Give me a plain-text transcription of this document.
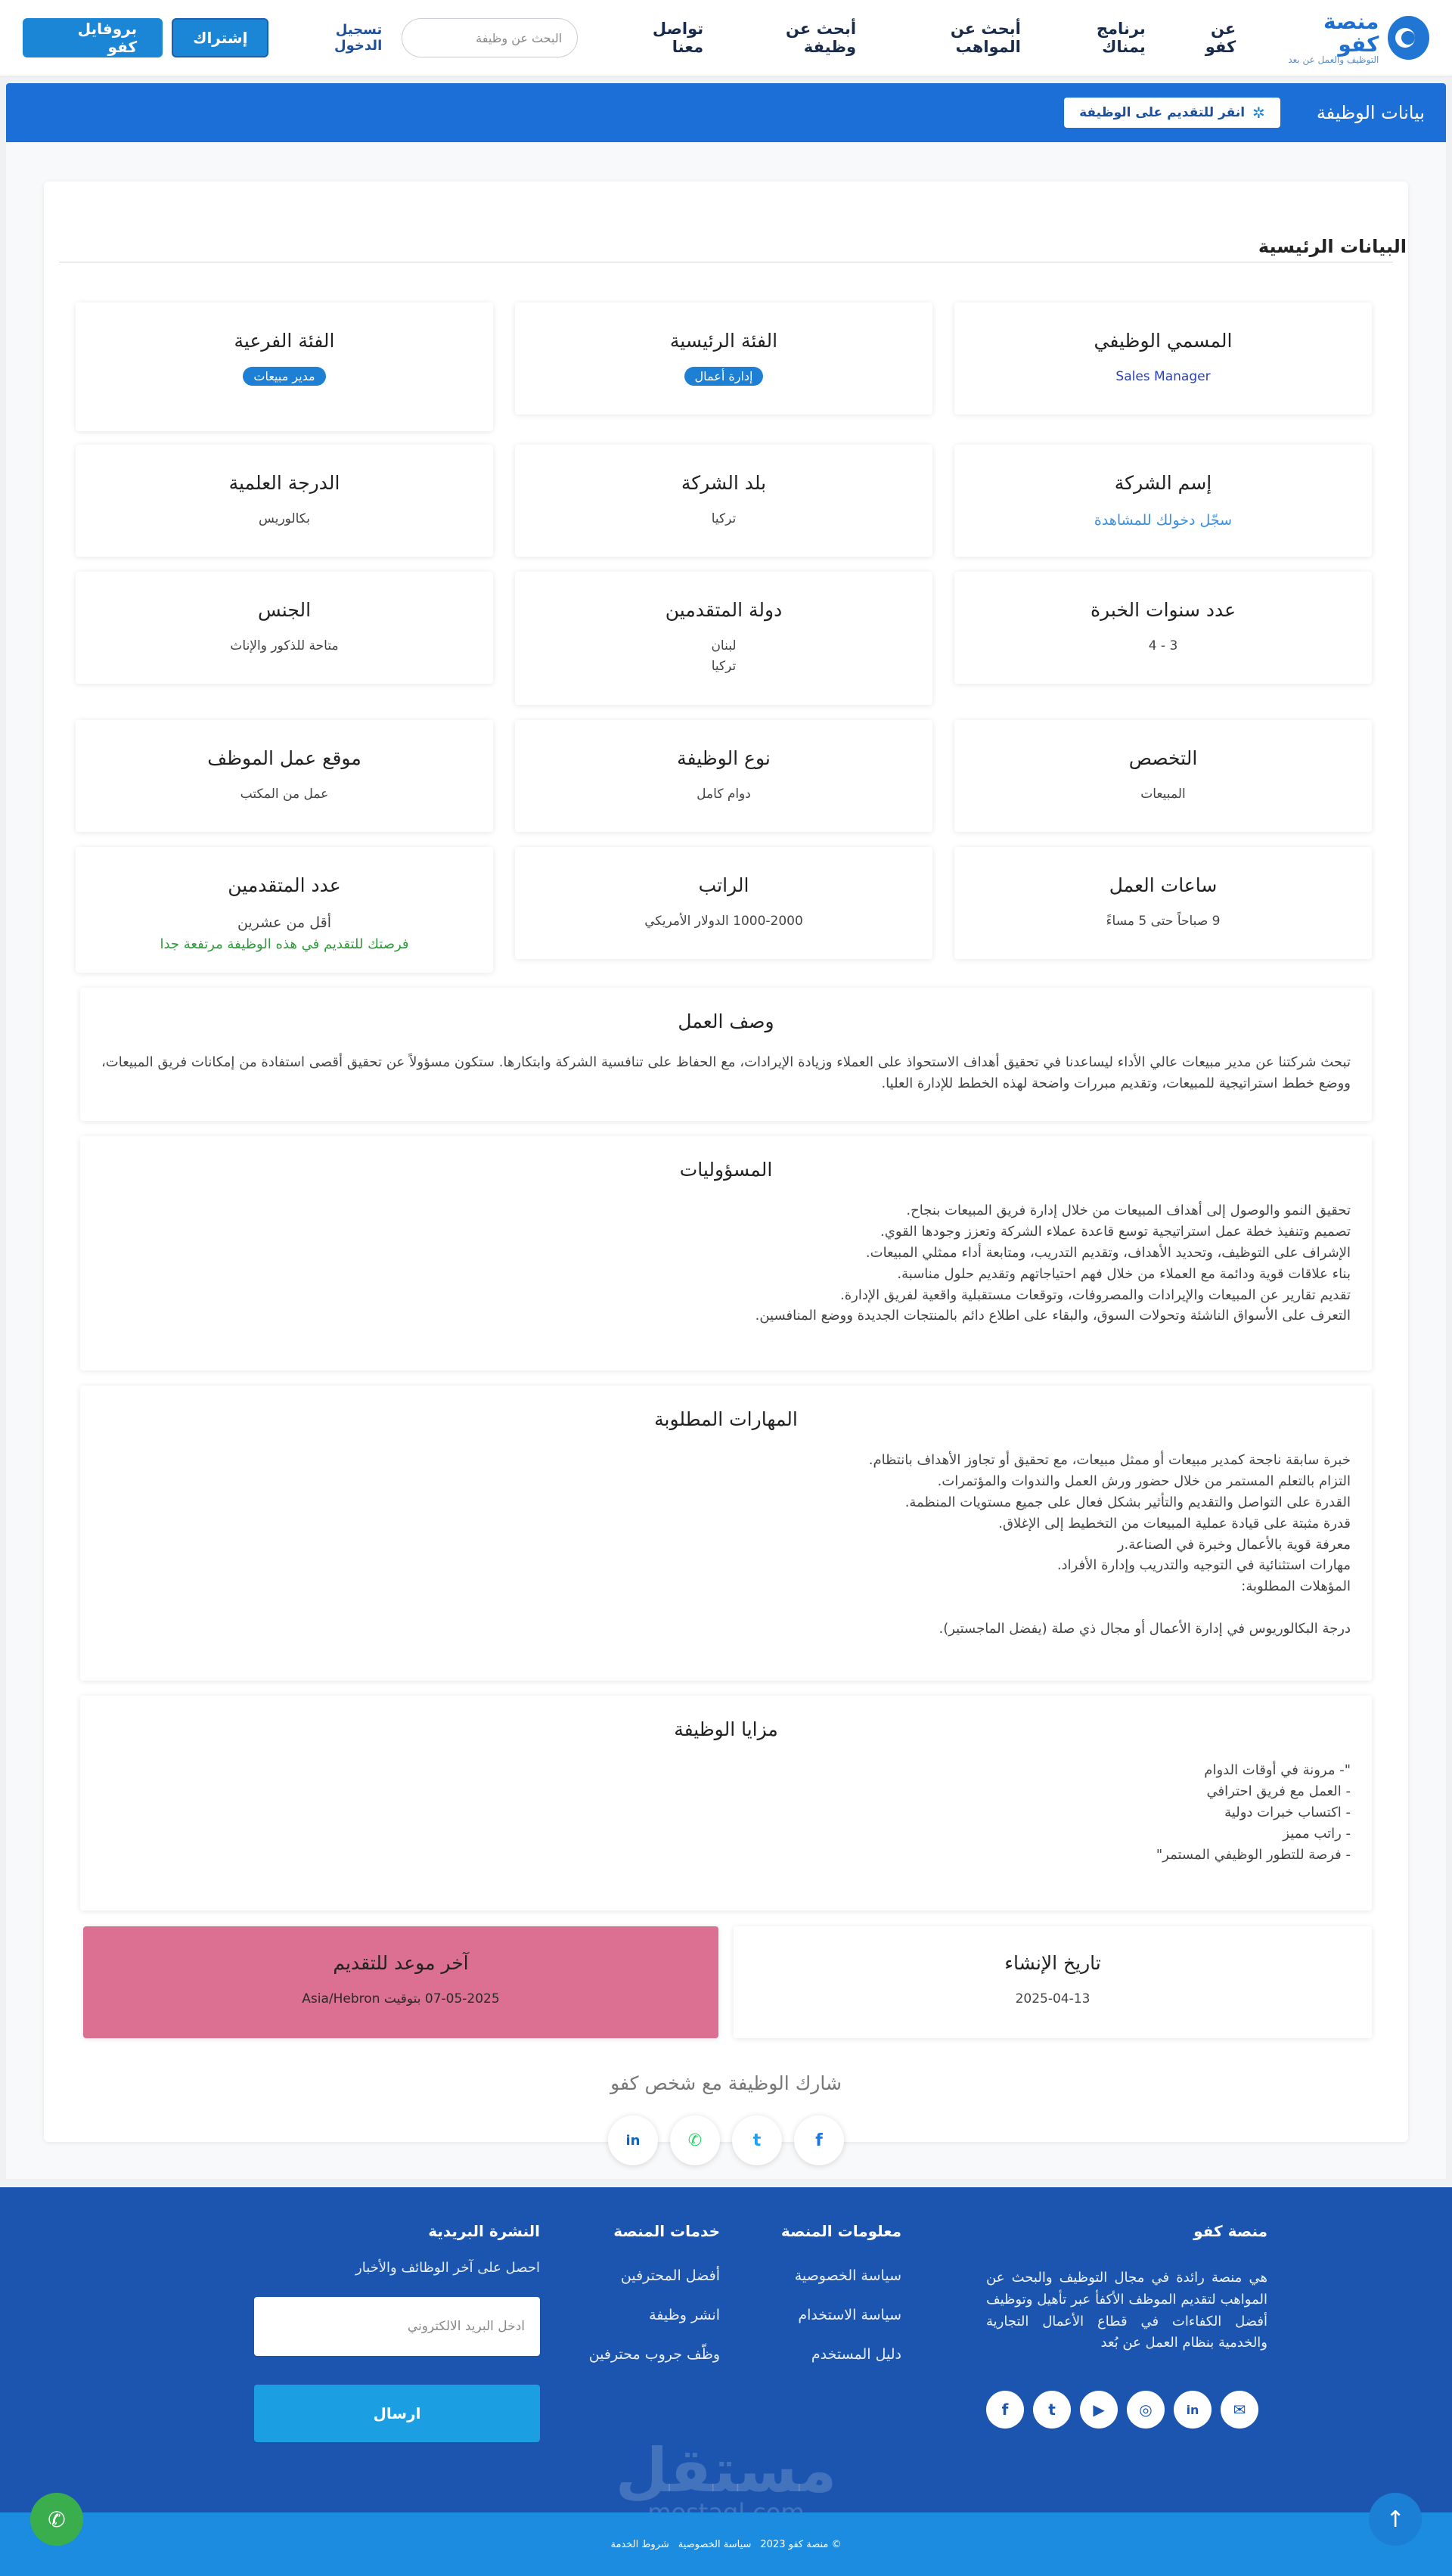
منصة كفو
التوظيف والعمل عن بعد
عن كفو
برنامج يمناك
أبحث عن المواهب
أبحث عن وظيفة
تواصل معنا
البحث عن وظيفة
تسجيل الدخول
إشتراك
بروفايل كفو
بيانات الوظيفة
✲
انقر للتقديم على الوظيفة
البيانات الرئيسية
المسمي الوظيفي
Sales Manager
الفئة الرئيسية
إدارة أعمال
الفئة الفرعية
مدير مبيعات
إسم الشركة
سجّل دخولك للمشاهدة
بلد الشركة
تركيا
الدرجة العلمية
بكالوريس
عدد سنوات الخبرة
3 - 4
دولة المتقدمين
لبنان
تركيا
الجنس
متاحة للذكور والإناث
التخصص
المبيعات
نوع الوظيفة
دوام كامل
موقع عمل الموظف
عمل من المكتب
ساعات العمل
9 صباحاً حتى 5 مساءً
الراتب
1000-2000 الدولار الأمريكي
عدد المتقدمين
أقل من عشرين
فرصتك للتقديم في هذه الوظيفة مرتفعة جدا
وصف العمل

تبحث شركتنا عن مدير مبيعات عالي الأداء ليساعدنا في تحقيق أهداف الاستحواذ على العملاء وزيادة الإيرادات، مع الحفاظ على تنافسية الشركة وابتكارها. ستكون مسؤولاً عن تحقيق أقصى استفادة من إمكانات فريق المبيعات، ووضع خطط استراتيجية للمبيعات، وتقديم مبررات واضحة لهذه الخطط للإدارة العليا.

المسؤوليات
تحقيق النمو والوصول إلى أهداف المبيعات من خلال إدارة فريق المبيعات بنجاح.
تصميم وتنفيذ خطة عمل استراتيجية توسع قاعدة عملاء الشركة وتعزز وجودها القوي.
الإشراف على التوظيف، وتحديد الأهداف، وتقديم التدريب، ومتابعة أداء ممثلي المبيعات.
بناء علاقات قوية ودائمة مع العملاء من خلال فهم احتياجاتهم وتقديم حلول مناسبة.
تقديم تقارير عن المبيعات والإيرادات والمصروفات، وتوقعات مستقبلية واقعية لفريق الإدارة.
التعرف على الأسواق الناشئة وتحولات السوق، والبقاء على اطلاع دائم بالمنتجات الجديدة ووضع المنافسين.
المهارات المطلوبة
خبرة سابقة ناجحة كمدير مبيعات أو ممثل مبيعات، مع تحقيق أو تجاوز الأهداف بانتظام.
التزام بالتعلم المستمر من خلال حضور ورش العمل والندوات والمؤتمرات.
القدرة على التواصل والتقديم والتأثير بشكل فعال على جميع مستويات المنظمة.
قدرة مثبتة على قيادة عملية المبيعات من التخطيط إلى الإغلاق.
معرفة قوية بالأعمال وخبرة في الصناعة.ر
مهارات استثنائية في التوجيه والتدريب وإدارة الأفراد.
المؤهلات المطلوبة:
درجة البكالوريوس في إدارة الأعمال أو مجال ذي صلة (يفضل الماجستير).
مزايا الوظيفة
"- مرونة في أوقات الدوام
- العمل مع فريق احترافي
- اكتساب خبرات دولية
- راتب مميز
- فرصة للتطور الوظيفي المستمر"
تاريخ الإنشاء
2025-04-13
آخر موعد للتقديم
07-05-2025 بتوقيت Asia/Hebron
شارك الوظيفة مع شخص كفو
f
t
✆
in
منصة كفو

هي منصة رائدة في مجال التوظيف والبحث عن المواهب لتقديم الموظف الأكفأ عبر تأهيل وتوظيف أفضل الكفاءات في قطاع الأعمال التجارية والخدمية بنظام العمل عن بُعد

f	t	▶	◎	in	✉
معلومات المنصة
سياسة الخصوصية
سياسة الاستخدام
دليل المستخدم
خدمات المنصة
أفضل المحترفين
انشر وظيفة
وظّف جروب محترفين
النشرة البريدية
احصل على آخر الوظائف والأخبار
ادخل البريد الالكتروني
ارسال
مستقل
© منصة كفو 2023
سياسة الخصوصية
شروط الخدمة
✆	↑
